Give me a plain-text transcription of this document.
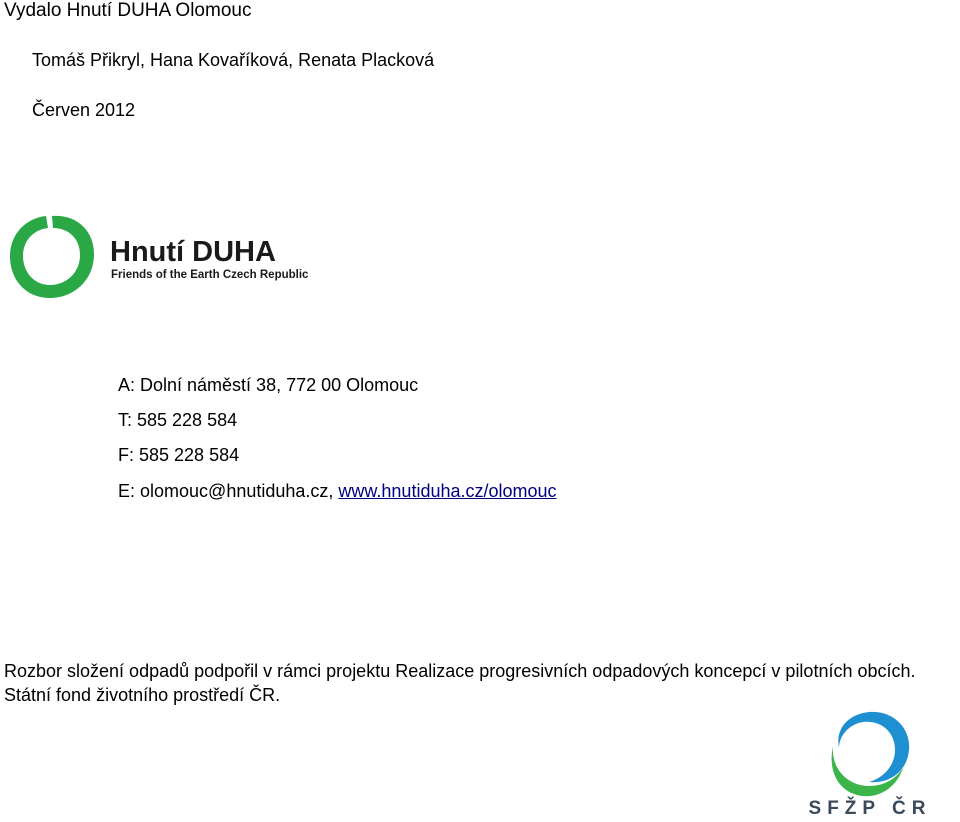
Vydalo Hnutí DUHA Olomouc
Tomáš Přikryl, Hana Kovaříková, Renata Placková
Červen 2012
Hnutí DUHA
Friends of the Earth Czech Republic
A: Dolní náměstí 38, 772 00 Olomouc
T: 585 228 584
F: 585 228 584
E: olomouc@hnutiduha.cz, www.hnutiduha.cz/olomouc
Rozbor složení odpadů podpořil v rámci projektu Realizace progresivních odpadových koncepcí v pilotních obcích. Státní fond životního prostředí ČR.
SFŽP ČR
